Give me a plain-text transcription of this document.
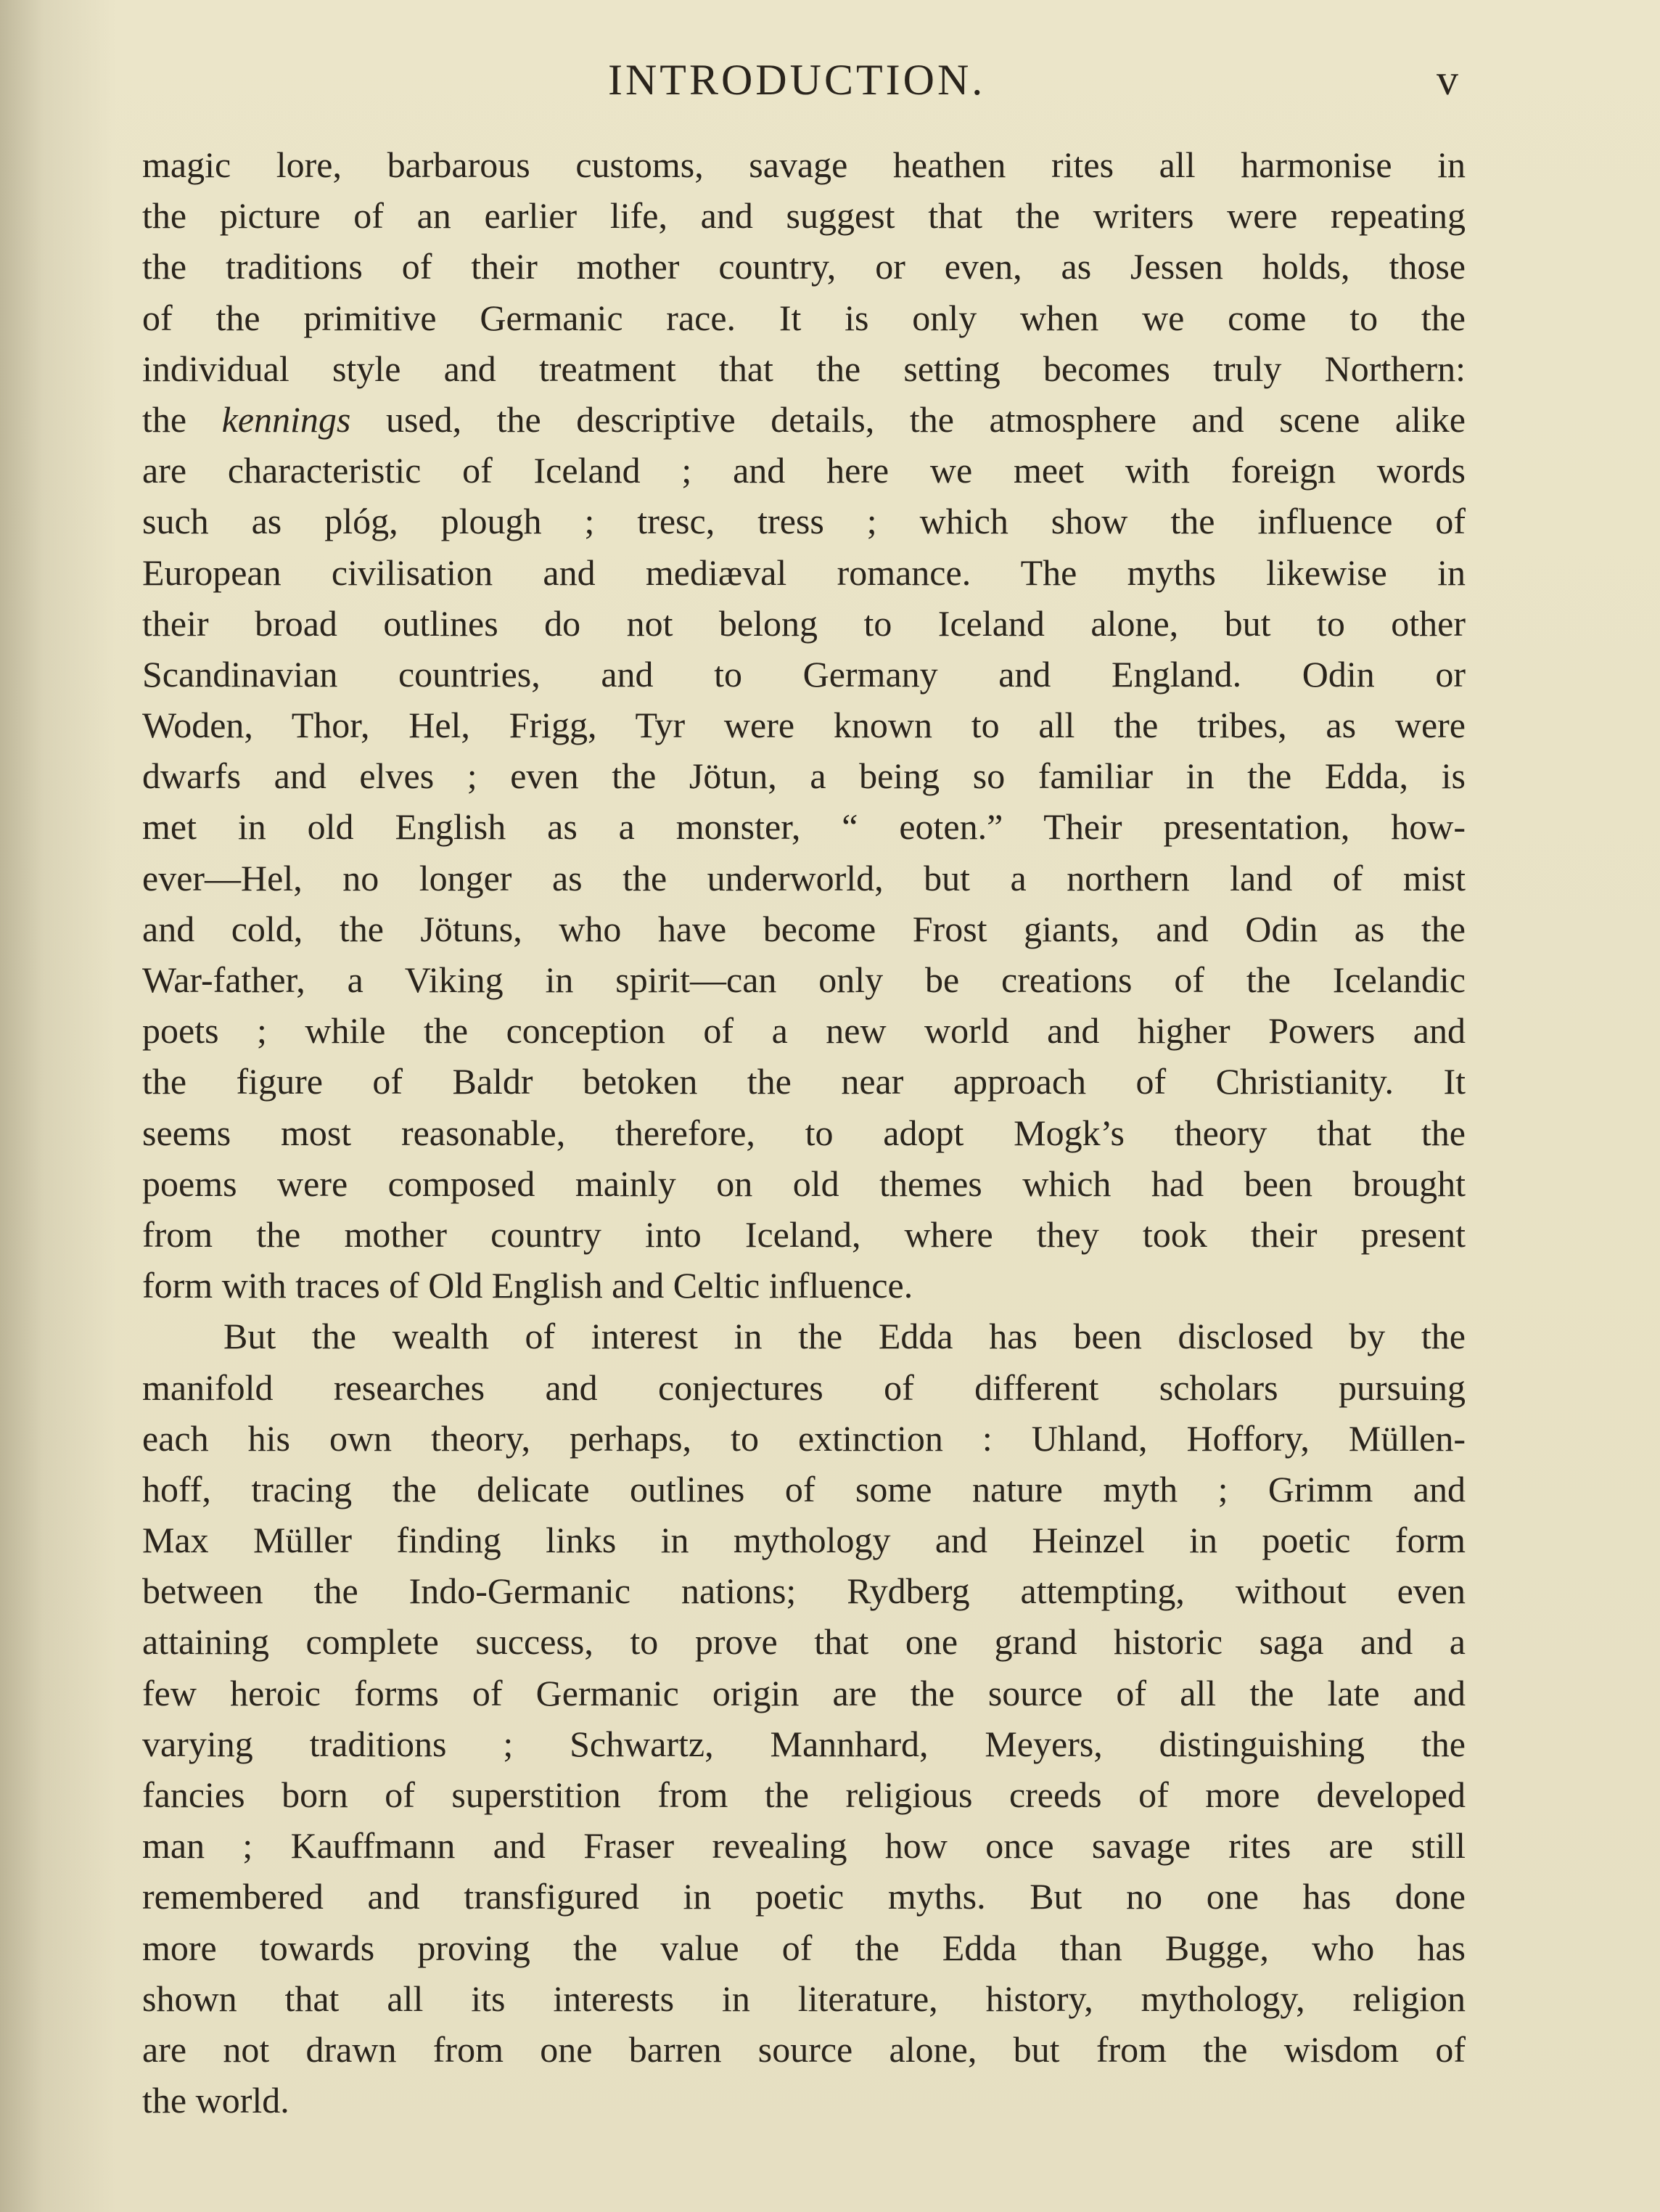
INTRODUCTION.	v
magic lore, barbarous customs, savage heathen rites all harmonise in
the picture of an earlier life, and suggest that the writers were repeating
the traditions of their mother country, or even, as Jessen holds, those
of the primitive Germanic race. It is only when we come to the
individual style and treatment that the setting becomes truly Northern:
the kennings used, the descriptive details, the atmosphere and scene alike
are characteristic of Iceland ; and here we meet with foreign words
such as plóg, plough ; tresc, tress ; which show the influence of
European civilisation and mediæval romance. The myths likewise in
their broad outlines do not belong to Iceland alone, but to other
Scandinavian countries, and to Germany and England. Odin or
Woden, Thor, Hel, Frigg, Tyr were known to all the tribes, as were
dwarfs and elves ; even the Jötun, a being so familiar in the Edda, is
met in old English as a monster, “ eoten.” Their presentation, how-
ever—Hel, no longer as the underworld, but a northern land of mist
and cold, the Jötuns, who have become Frost giants, and Odin as the
War-father, a Viking in spirit—can only be creations of the Icelandic
poets ; while the conception of a new world and higher Powers and
the figure of Baldr betoken the near approach of Christianity. It
seems most reasonable, therefore, to adopt Mogk’s theory that the
poems were composed mainly on old themes which had been brought
from the mother country into Iceland, where they took their present
form with traces of Old English and Celtic influence.
But the wealth of interest in the Edda has been disclosed by the
manifold researches and conjectures of different scholars pursuing
each his own theory, perhaps, to extinction : Uhland, Hoffory, Müllen-
hoff, tracing the delicate outlines of some nature myth ; Grimm and
Max Müller finding links in mythology and Heinzel in poetic form
between the Indo-Germanic nations; Rydberg attempting, without even
attaining complete success, to prove that one grand historic saga and a
few heroic forms of Germanic origin are the source of all the late and
varying traditions ; Schwartz, Mannhard, Meyers, distinguishing the
fancies born of superstition from the religious creeds of more developed
man ; Kauffmann and Fraser revealing how once savage rites are still
remembered and transfigured in poetic myths. But no one has done
more towards proving the value of the Edda than Bugge, who has
shown that all its interests in literature, history, mythology, religion
are not drawn from one barren source alone, but from the wisdom of
the world.
